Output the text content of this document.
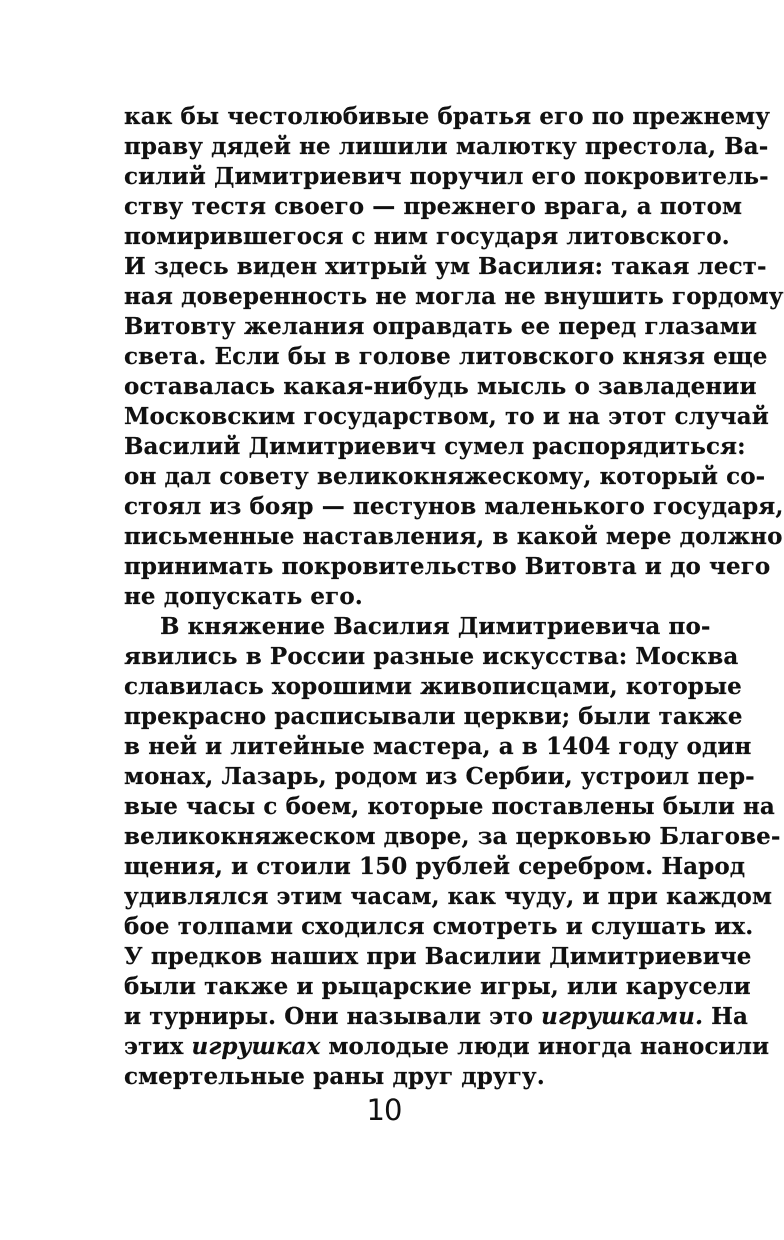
как бы честолюбивые братья его по прежнему
праву дядей не лишили малютку престола, Ва-
силий Димитриевич поручил его покровитель-
ству тестя своего — прежнего врага, а потом
помирившегося с ним государя литовского.
И здесь виден хитрый ум Василия: такая лест-
ная доверенность не могла не внушить гордому
Витовту желания оправдать ее перед глазами
света. Если бы в голове литовского князя еще
оставалась какая-нибудь мысль о завладении
Московским государством, то и на этот случай
Василий Димитриевич сумел распорядиться:
он дал совету великокняжескому, который со-
стоял из бояр — пестунов маленького государя,
письменные наставления, в какой мере должно
принимать покровительство Витовта и до чего
не допускать его.
В княжение Василия Димитриевича по-
явились в России разные искусства: Москва
славилась хорошими живописцами, которые
прекрасно расписывали церкви; были также
в ней и литейные мастера, а в 1404 году один
монах, Лазарь, родом из Сербии, устроил пер-
вые часы с боем, которые поставлены были на
великокняжеском дворе, за церковью Благове-
щения, и стоили 150 рублей серебром. Народ
удивлялся этим часам, как чуду, и при каждом
бое толпами сходился смотреть и слушать их.
У предков наших при Василии Димитриевиче
были также и рыцарские игры, или карусели
и турниры. Они называли это игрушками. На
этих игрушках молодые люди иногда наносили
смертельные раны друг другу.
10
